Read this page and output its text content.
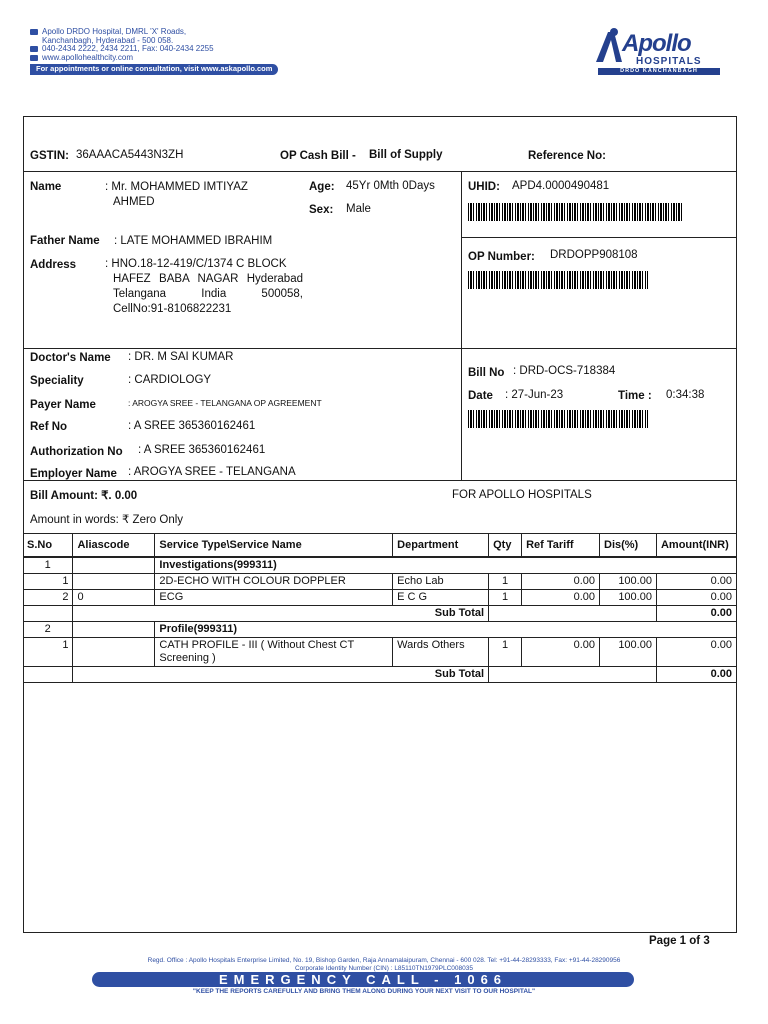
Apollo DRDO Hospital, DMRL 'X' Roads,
Kanchanbagh, Hyderabad - 500 058.
040-2434 2222, 2434 2211, Fax: 040-2434 2255
www.apollohealthcity.com
For appointments or online consultation, visit www.askapollo.com
Apollo
HOSPITALS
DRDO KANCHANBAGH
GSTIN: 36AAACA5443N3ZH	OP Cash Bill - Bill of Supply	Reference No:
Name	: Mr. MOHAMMED IMTIYAZ
AHMED
Age: 45Yr 0Mth 0Days
Sex: Male
Father Name : LATE MOHAMMED IBRAHIM
Address	: HNO.18-12-419/C/1374 C BLOCK
HAFEZ BABA NAGAR Hyderabad
Telangana India 500058,
CellNo:91-8106822231
UHID: APD4.0000490481
OP Number: DRDOPP908108
Doctor's Name : DR. M SAI KUMAR
Speciality	: CARDIOLOGY
Payer Name	: AROGYA SREE - TELANGANA OP AGREEMENT
Ref No	: A SREE 365360162461
Authorization No : A SREE 365360162461
Employer Name : AROGYA SREE - TELANGANA
Bill No : DRD-OCS-718384
Date : 27-Jun-23	Time : 0:34:38
Bill Amount: ₹. 0.00	FOR APOLLO HOSPITALS
Amount in words: ₹ Zero Only
S.No	Aliascode	Service Type\Service Name	Department	Qty	Ref Tariff	Dis(%)	Amount(INR)
1		Investigations(999311)					
1		2D-ECHO WITH COLOUR DOPPLER	Echo Lab	1	0.00	100.00	0.00
2	0	ECG	E C G	1	0.00	100.00	0.00
	Sub Total						0.00
2		Profile(999311)					
1		CATH PROFILE - III ( Without Chest CT
Screening )	Wards Others	1	0.00	100.00	0.00
	Sub Total						0.00
Page 1 of 3
Regd. Office : Apollo Hospitals Enterprise Limited, No. 19, Bishop Garden, Raja Annamalaipuram, Chennai - 600 028. Tel: +91-44-28293333, Fax: +91-44-28290956
Corporate Identity Number (CIN) : L85110TN1979PLC008035
EMERGENCY CALL - 1066
"KEEP THE REPORTS CAREFULLY AND BRING THEM ALONG DURING YOUR NEXT VISIT TO OUR HOSPITAL"
